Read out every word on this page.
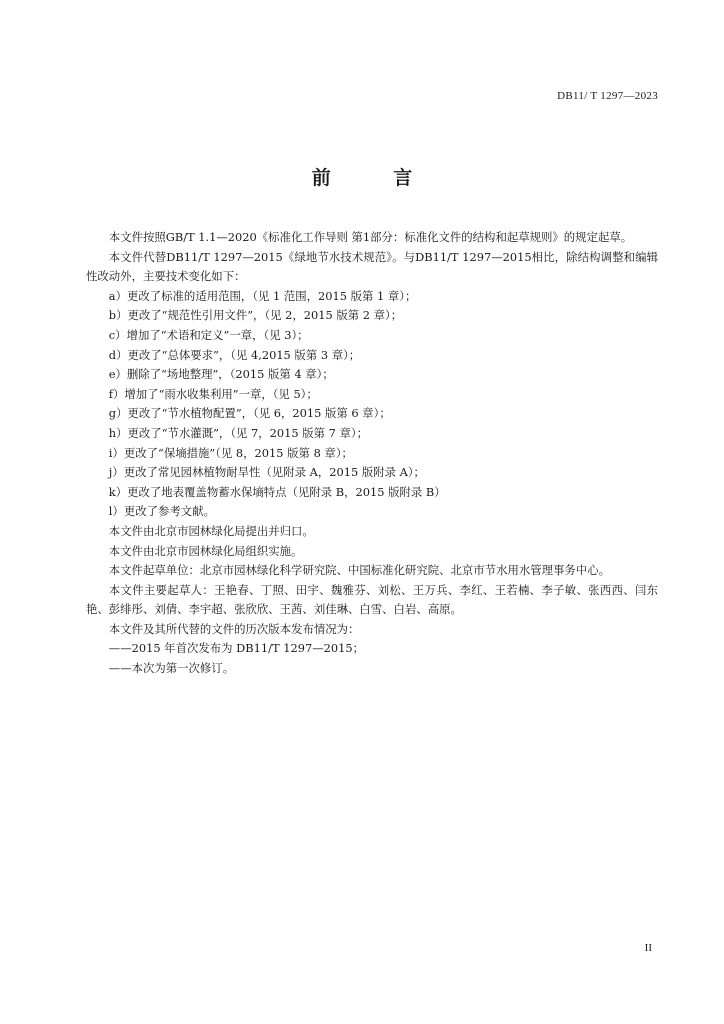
DB11/ T 1297—2023
前 言

本文件按照GB/T 1.1—2020《标准化工作导则 第1部分：标准化文件的结构和起草规则》的规定起草。

本文件代替DB11/T 1297—2015《绿地节水技术规范》。与DB11/T 1297—2015相比，除结构调整和编辑性改动外，主要技术变化如下：

a）更改了标准的适用范围，（见 1 范围，2015 版第 1 章）；

b）更改了“规范性引用文件”，（见 2，2015 版第 2 章）；

c）增加了“术语和定义”一章，（见 3）；

d）更改了“总体要求”，（见 4,2015 版第 3 章）；

e）删除了“场地整理”，（2015 版第 4 章）；

f）增加了“雨水收集利用”一章，（见 5）；

g）更改了“节水植物配置”，（见 6，2015 版第 6 章）；

h）更改了“节水灌溉”，（见 7，2015 版第 7 章）；

i）更改了“保墒措施”（见 8，2015 版第 8 章）；

j）更改了常见园林植物耐旱性（见附录 A，2015 版附录 A）；

k）更改了地表覆盖物蓄水保墒特点（见附录 B，2015 版附录 B）

l）更改了参考文献。

本文件由北京市园林绿化局提出并归口。

本文件由北京市园林绿化局组织实施。

本文件起草单位：北京市园林绿化科学研究院、中国标准化研究院、北京市节水用水管理事务中心。

本文件主要起草人：王艳春、丁照、田宇、魏雅芬、刘松、王万兵、李红、王若楠、李子敏、张西西、闫东艳、彭绯彤、刘倩、李宇超、张欣欣、王茜、刘佳琳、白雪、白岩、高原。

本文件及其所代替的文件的历次版本发布情况为：

——2015 年首次发布为 DB11/T 1297—2015；

——本次为第一次修订。

II
